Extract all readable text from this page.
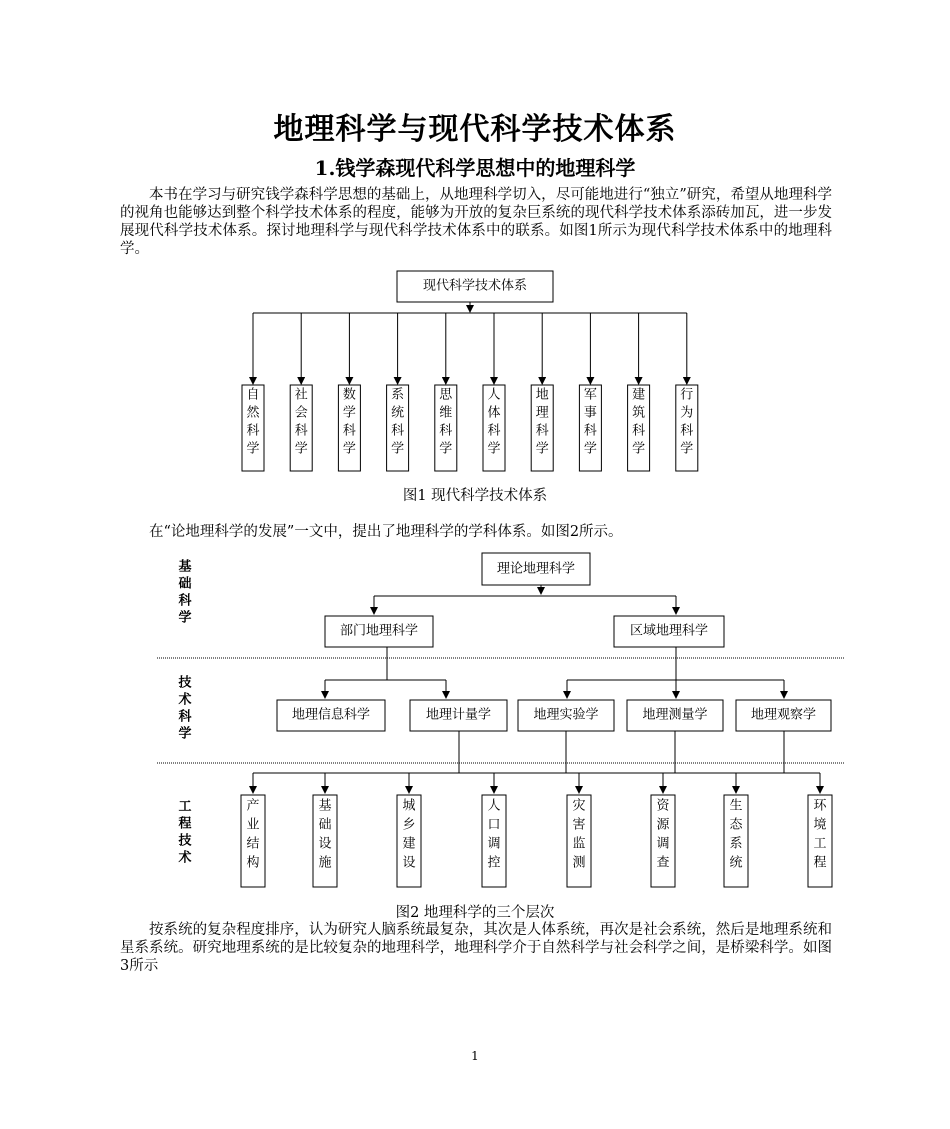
地理科学与现代科学技术体系
1.钱学森现代科学思想中的地理科学
本书在学习与研究钱学森科学思想的基础上，从地理科学切入，尽可能地进行“独立”研究，希望从地理科学的视角也能够达到整个科学技术体系的程度，能够为开放的复杂巨系统的现代科学技术体系添砖加瓦，进一步发展现代科学技术体系。探讨地理科学与现代科学技术体系中的联系。如图1所示为现代科学技术体系中的地理科学。
现代科学技术体系
自
然
科
学
社
会
科
学
数
学
科
学
系
统
科
学
思
维
科
学
人
体
科
学
地
理
科
学
军
事
科
学
建
筑
科
学
行
为
科
学
基
础
科
学
技
术
科
学
工
程
技
术
理论地理科学
部门地理科学	区域地理科学
地理信息科学	地理计量学	地理实验学	地理测量学	地理观察学
产
业
结
构
基
础
设
施
城
乡
建
设
人
口
调
控
灾
害
监
测
资
源
调
查
生
态
系
统
环
境
工
程
图1 现代科学技术体系
在“论地理科学的发展”一文中，提出了地理科学的学科体系。如图2所示。
图2 地理科学的三个层次
按系统的复杂程度排序，认为研究人脑系统最复杂，其次是人体系统，再次是社会系统，然后是地理系统和星系系统。研究地理系统的是比较复杂的地理科学，地理科学介于自然科学与社会科学之间，是桥梁科学。如图3所示
1
